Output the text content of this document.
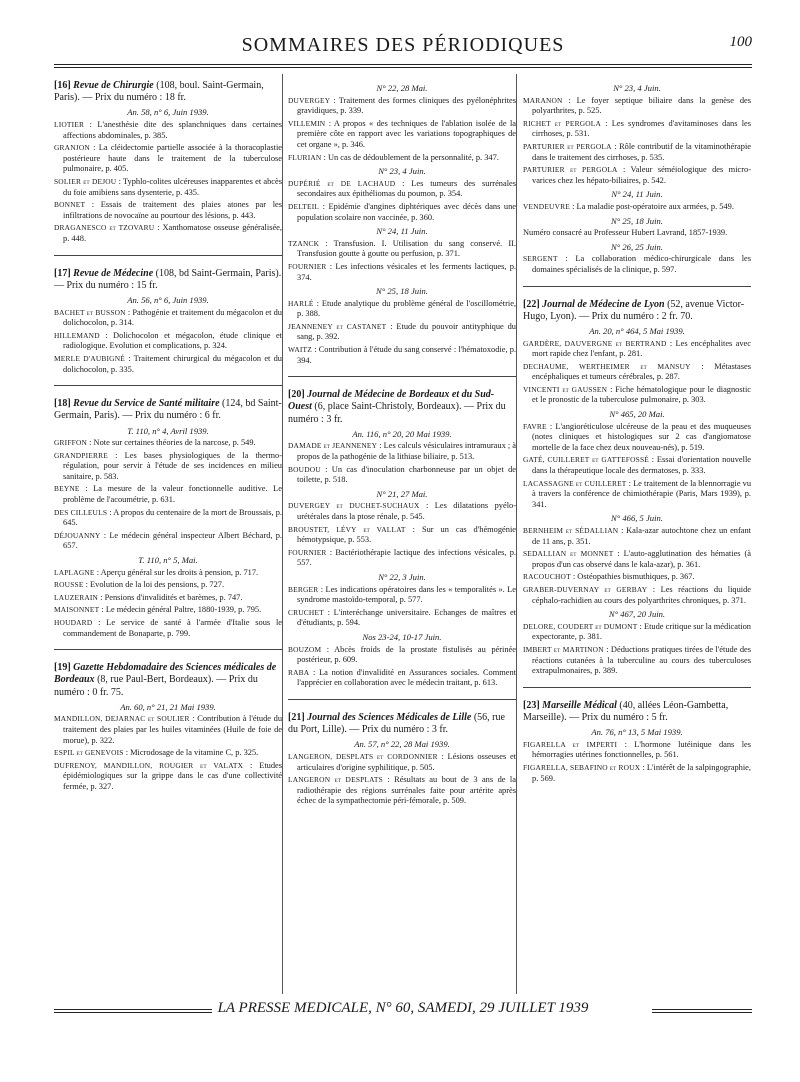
SOMMAIRES DES PÉRIODIQUES	100
[16] Revue de Chirurgie (108, boul. Saint-Germain, Paris). — Prix du numéro : 18 fr.
An. 58, n° 6, Juin 1939.
LIOTIER : L'anesthésie dite des splanchniques dans certaines affections abdominales, p. 385.
GRANJON : La cléidectomie partielle associée à la thoracoplastie postérieure haute dans le traitement de la tuberculose pulmonaire, p. 405.
SOLIER et DEJOU : Typhlo-colites ulcéreuses inapparentes et abcès du foie amibiens sans dysenterie, p. 435.
BONNET : Essais de traitement des plaies atones par les infiltrations de novocaïne au pourtour des lésions, p. 443.
DRAGANESCO et TZOVARU : Xanthomatose osseuse généralisée, p. 448.
[17] Revue de Médecine (108, bd Saint-Germain, Paris). — Prix du numéro : 15 fr.
An. 56, n° 6, Juin 1939.
BACHET et BUSSON : Pathogénie et traitement du mégacolon et du dolichocolon, p. 314.
HILLEMAND : Dolichocolon et mégacolon, étude clinique et radiologique. Evolution et complications, p. 324.
MERLE D'AUBIGNÉ : Traitement chirurgical du mégacolon et du dolichocolon, p. 335.
[18] Revue du Service de Santé militaire (124, bd Saint-Germain, Paris). — Prix du numéro : 6 fr.
T. 110, n° 4, Avril 1939.
GRIFFON : Note sur certaines théories de la narcose, p. 549.
GRANDPIERRE : Les bases physiologiques de la thermo-régulation, pour servir à l'étude de ses incidences en milieu sanitaire, p. 583.
BEYNE : La mesure de la valeur fonctionnelle auditive. Le problème de l'acoumétrie, p. 631.
DES CILLEULS : A propos du centenaire de la mort de Broussais, p. 645.
DÉJOUANNY : Le médecin général inspecteur Albert Béchard, p. 657.
T. 110, n° 5, Mai.
LAPLAGNE : Aperçu général sur les droits à pension, p. 717.
ROUSSE : Evolution de la loi des pensions, p. 727.
LAUZERAIN : Pensions d'invalidités et barèmes, p. 747.
MAISONNET : Le médecin général Paltre, 1880-1939, p. 795.
HOUDARD : Le service de santé à l'armée d'Italie sous le commandement de Bonaparte, p. 799.
[19] Gazette Hebdomadaire des Sciences médicales de Bordeaux (8, rue Paul-Bert, Bordeaux). — Prix du numéro : 0 fr. 75.
An. 60, n° 21, 21 Mai 1939.
MANDILLON, DEJARNAC et SOULIER : Contribution à l'étude du traitement des plaies par les huiles vitaminées (Huile de foie de morue), p. 322.
ESPIL et GENEVOIS : Microdosage de la vitamine C, p. 325.
DUFRENOY, MANDILLON, ROUGIER et VALATX : Etudes épidémiologiques sur la grippe dans le cas d'une collectivité fermée, p. 327.
N° 22, 28 Mai.
DUVERGEY : Traitement des formes cliniques des pyélonéphrites gravidiques, p. 339.
VILLEMIN : A propos « des techniques de l'ablation isolée de la première côte en rapport avec les variations topographiques de cet organe », p. 346.
FLURIAN : Un cas de dédoublement de la personnalité, p. 347.
N° 23, 4 Juin.
DUPÉRIÉ et DE LACHAUD : Les tumeurs des surrénales secondaires aux épithéliomas du poumon, p. 354.
DELTEIL : Epidémie d'angines diphtériques avec décès dans une population scolaire non vaccinée, p. 360.
N° 24, 11 Juin.
TZANCK : Transfusion. I. Utilisation du sang conservé. II. Transfusion goutte à goutte ou perfusion, p. 371.
FOURNIER : Les infections vésicales et les ferments lactiques, p. 374.
N° 25, 18 Juin.
HARLÉ : Etude analytique du problème général de l'oscillométrie, p. 388.
JEANNENEY et CASTANET : Etude du pouvoir antityphique du sang, p. 392.
WAITZ : Contribution à l'étude du sang conservé : l'hématoxodie, p. 394.
[20] Journal de Médecine de Bordeaux et du Sud-Ouest (6, place Saint-Christoly, Bordeaux). — Prix du numéro : 3 fr.
An. 116, n° 20, 20 Mai 1939.
DAMADE et JEANNENEY : Les calculs vésiculaires intramuraux ; à propos de la pathogénie de la lithiase biliaire, p. 513.
BOUDOU : Un cas d'inoculation charbonneuse par un objet de toilette, p. 518.
N° 21, 27 Mai.
DUVERGEY et DUCHET-SUCHAUX : Les dilatations pyélo-urétérales dans la ptose rénale, p. 545.
BROUSTET, LÉVY et VALLAT : Sur un cas d'hémogénie hémotypsique, p. 553.
FOURNIER : Bactériothérapie lactique des infections vésicales, p. 557.
N° 22, 3 Juin.
BERGER : Les indications opératoires dans les « temporalités ». Le syndrome mastoïdo-temporal, p. 577.
CRUCHET : L'interéchange universitaire. Echanges de maîtres et d'étudiants, p. 594.
Nos 23-24, 10-17 Juin.
BOUZOM : Abcès froids de la prostate fistulisés au périnée postérieur, p. 609.
RABA : La notion d'invalidité en Assurances sociales. Comment l'apprécier en collaboration avec le médecin traitant, p. 613.
[21] Journal des Sciences Médicales de Lille (56, rue du Port, Lille). — Prix du numéro : 3 fr.
An. 57, n° 22, 28 Mai 1939.
LANGERON, DESPLATS et CORDONNIER : Lésions osseuses et articulaires d'origine syphilitique, p. 505.
LANGERON et DESPLATS : Résultats au bout de 3 ans de la radiothérapie des régions surrénales faite pour artérite après échec de la sympathectomie péri-fémorale, p. 509.
N° 23, 4 Juin.
MARANON : Le foyer septique biliaire dans la genèse des polyarthrites, p. 525.
RICHET et PERGOLA : Les syndromes d'avitaminoses dans les cirrhoses, p. 531.
PARTURIER et PERGOLA : Rôle contributif de la vitaminothérapie dans le traitement des cirrhoses, p. 535.
PARTURIER et PERGOLA : Valeur séméiologique des micro-varices chez les hépato-biliaires, p. 542.
N° 24, 11 Juin.
VENDEUVRE : La maladie post-opératoire aux armées, p. 549.
N° 25, 18 Juin.
Numéro consacré au Professeur Hubert Lavrand, 1857-1939.
N° 26, 25 Juin.
SERGENT : La collaboration médico-chirurgicale dans les domaines spécialisés de la clinique, p. 597.
[22] Journal de Médecine de Lyon (52, avenue Victor-Hugo, Lyon). — Prix du numéro : 2 fr. 70.
An. 20, n° 464, 5 Mai 1939.
GARDÈRE, DAUVERGNE et BERTRAND : Les encéphalites avec mort rapide chez l'enfant, p. 281.
DECHAUME, WERTHEIMER et MANSUY : Métastases encéphaliques et tumeurs cérébrales, p. 287.
VINCENTI et GAUSSEN : Fiche hématologique pour le diagnostic et le pronostic de la tuberculose pulmonaire, p. 303.
N° 465, 20 Mai.
FAVRE : L'angioréticulose ulcéreuse de la peau et des muqueuses (notes cliniques et histologiques sur 2 cas d'angiomatose mortelle de la face chez deux nouveau-nés), p. 519.
GATÉ, CUILLERET et GATTEFOSSÉ : Essai d'orientation nouvelle dans la thérapeutique locale des dermatoses, p. 333.
LACASSAGNE et CUILLERET : Le traitement de la blennorragie vu à travers la conférence de chimiothérapie (Paris, Mars 1939), p. 341.
N° 466, 5 Juin.
BERNHEIM et SÉDALLIAN : Kala-azar autochtone chez un enfant de 11 ans, p. 351.
SEDALLIAN et MONNET : L'auto-agglutination des hématies (à propos d'un cas observé dans le kala-azar), p. 361.
RACOUCHOT : Ostéopathies bismuthiques, p. 367.
GRABER-DUVERNAY et GERBAY : Les réactions du liquide céphalo-rachidien au cours des polyarthrites chroniques, p. 371.
N° 467, 20 Juin.
DELORE, COUDERT et DUMONT : Etude critique sur la médication expectorante, p. 381.
IMBERT et MARTINON : Déductions pratiques tirées de l'étude des réactions cutanées à la tuberculine au cours des tuberculoses extrapulmonaires, p. 389.
[23] Marseille Médical (40, allées Léon-Gambetta, Marseille). — Prix du numéro : 5 fr.
An. 76, n° 13, 5 Mai 1939.
FIGARELLA et IMPERTI : L'hormone lutéinique dans les hémorragies utérines fonctionnelles, p. 561.
FIGARELLA, SEBAFINO et ROUX : L'intérêt de la salpingographie, p. 569.
LA PRESSE MEDICALE, N° 60, SAMEDI, 29 JUILLET 1939
